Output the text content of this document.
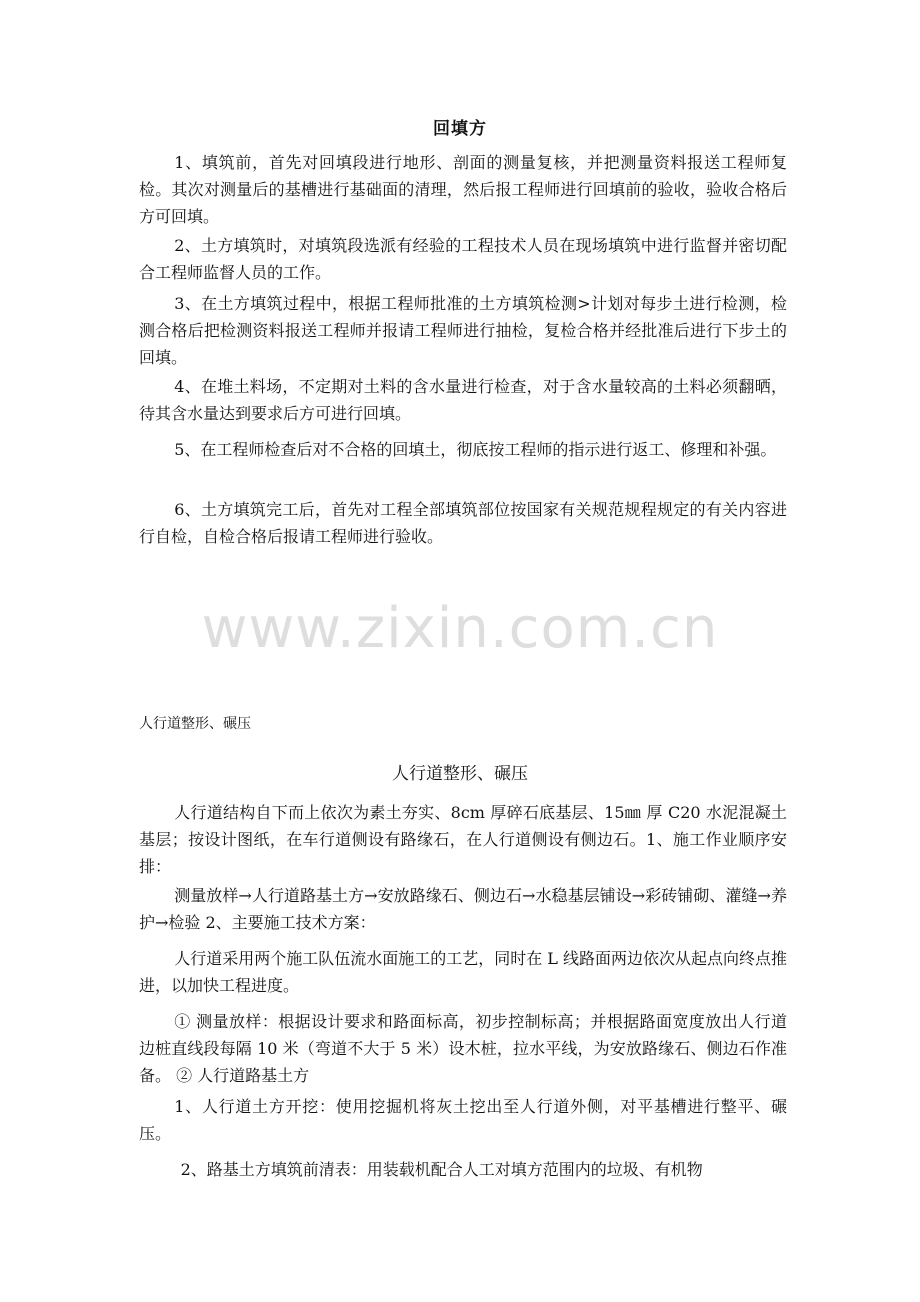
回填方

1、填筑前，首先对回填段进行地形、剖面的测量复核，并把测量资料报送工程师复检。其次对测量后的基槽进行基础面的清理，然后报工程师进行回填前的验收，验收合格后方可回填。

2、土方填筑时，对填筑段选派有经验的工程技术人员在现场填筑中进行监督并密切配合工程师监督人员的工作。

3、在土方填筑过程中，根据工程师批准的土方填筑检测>计划对每步土进行检测，检测合格后把检测资料报送工程师并报请工程师进行抽检，复检合格并经批准后进行下步土的回填。

4、在堆土料场，不定期对土料的含水量进行检查，对于含水量较高的土料必须翻晒，待其含水量达到要求后方可进行回填。

5、在工程师检查后对不合格的回填土，彻底按工程师的指示进行返工、修理和补强。

6、土方填筑完工后，首先对工程全部填筑部位按国家有关规范规程规定的有关内容进行自检，自检合格后报请工程师进行验收。

www.zixin.com.cn
人行道整形、碾压
人行道整形、碾压

人行道结构自下而上依次为素土夯实、8cm 厚碎石底基层、15㎜ 厚 C20 水泥混凝土基层；按设计图纸，在车行道侧设有路缘石，在人行道侧设有侧边石。1、施工作业顺序安排：

测量放样→人行道路基土方→安放路缘石、侧边石→水稳基层铺设→彩砖铺砌、灌缝→养护→检验 2、主要施工技术方案：

人行道采用两个施工队伍流水面施工的工艺，同时在 L 线路面两边依次从起点向终点推进，以加快工程进度。

① 测量放样：根据设计要求和路面标高，初步控制标高；并根据路面宽度放出人行道边桩直线段每隔 10 米（弯道不大于 5 米）设木桩，拉水平线，为安放路缘石、侧边石作准备。 ② 人行道路基土方

1、人行道土方开挖：使用挖掘机将灰土挖出至人行道外侧，对平基槽进行整平、碾压。

2、路基土方填筑前清表：用装载机配合人工对填方范围内的垃圾、有机物
